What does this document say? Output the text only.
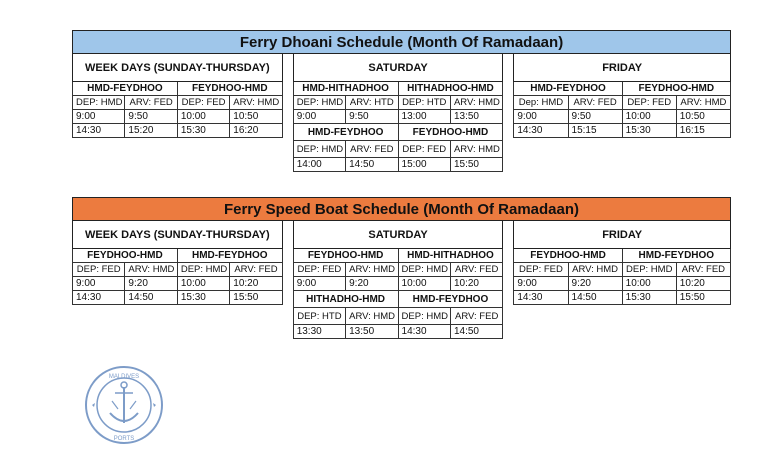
Ferry Dhoani Schedule (Month Of Ramadaan)
WEEK DAYS (SUNDAY-THURSDAY)
HMD-FEYDHOO		FEYDHOO-HMD	
DEP: HMD	ARV: FED	DEP: FED	ARV: HMD
9:00	9:50	10:00	10:50
14:30	15:20	15:30	16:20
SATURDAY
HMD-HITHADHOO		HITHADHOO-HMD	
DEP: HMD	ARV: HTD	DEP: HTD	ARV: HMD
9:00	9:50	13:00	13:50
HMD-FEYDHOO		FEYDHOO-HMD	
DEP: HMD	ARV: FED	DEP: FED	ARV: HMD
14:00	14:50	15:00	15:50
FRIDAY
HMD-FEYDHOO		FEYDHOO-HMD	
Dep: HMD	ARV: FED	DEP: FED	ARV: HMD
9:00	9:50	10:00	10:50
14:30	15:15	15:30	16:15
Ferry Speed Boat Schedule (Month Of Ramadaan)
WEEK DAYS (SUNDAY-THURSDAY)
FEYDHOO-HMD		HMD-FEYDHOO	
DEP: FED	ARV: HMD	DEP: HMD	ARV: FED
9:00	9:20	10:00	10:20
14:30	14:50	15:30	15:50
SATURDAY
FEYDHOO-HMD		HMD-HITHADHOO	
DEP: FED	ARV: HMD	DEP: HMD	ARV: FED
9:00	9:20	10:00	10:20
HITHADHO-HMD		HMD-FEYDHOO	
DEP: HTD	ARV: HMD	DEP: HMD	ARV: FED
13:30	13:50	14:30	14:50
FRIDAY
FEYDHOO-HMD		HMD-FEYDHOO	
DEP: FED	ARV: HMD	DEP: HMD	ARV: FED
9:00	9:20	10:00	10:20
14:30	14:50	15:30	15:50
MALDIVES
PORTS
